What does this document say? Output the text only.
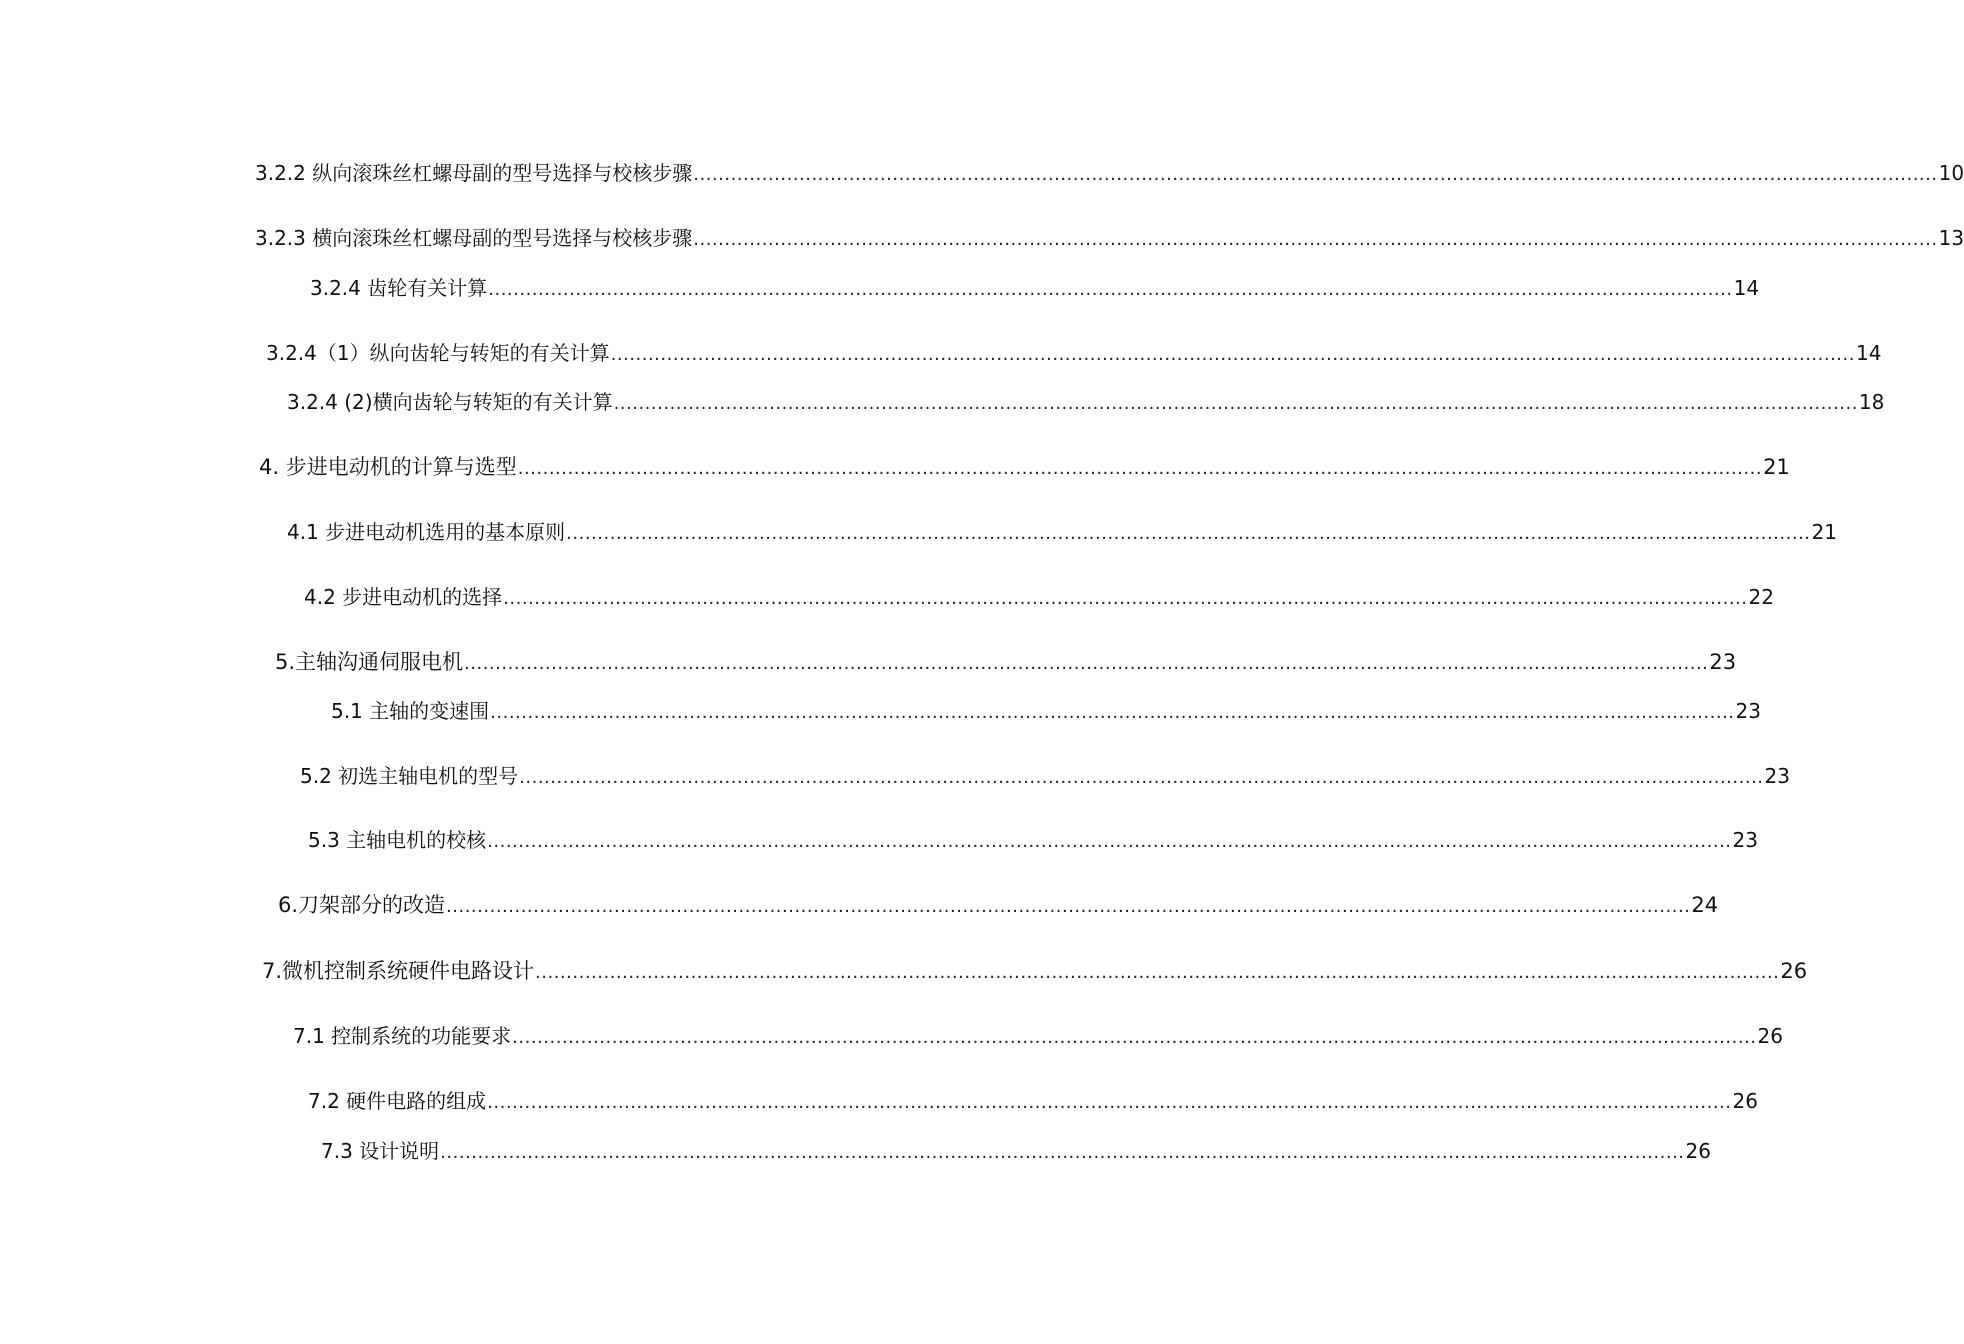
3.2.2 纵向滚珠丝杠螺母副的型号选择与校核步骤 ........................................................................................................................................................................................................ 10
3.2.3 横向滚珠丝杠螺母副的型号选择与校核步骤 ........................................................................................................................................................................................................ 13
3.2.4 齿轮有关计算 ........................................................................................................................................................................................................ 14
3.2.4（1）纵向齿轮与转矩的有关计算 ........................................................................................................................................................................................................ 14
3.2.4 (2)横向齿轮与转矩的有关计算 ........................................................................................................................................................................................................ 18
4. 步进电动机的计算与选型 ........................................................................................................................................................................................................ 21
4.1 步进电动机选用的基本原则 ........................................................................................................................................................................................................ 21
4.2 步进电动机的选择 ........................................................................................................................................................................................................ 22
5.主轴沟通伺服电机 ........................................................................................................................................................................................................ 23
5.1 主轴的变速围 ........................................................................................................................................................................................................ 23
5.2 初选主轴电机的型号 ........................................................................................................................................................................................................ 23
5.3 主轴电机的校核 ........................................................................................................................................................................................................ 23
6.刀架部分的改造 ........................................................................................................................................................................................................ 24
7.微机控制系统硬件电路设计 ........................................................................................................................................................................................................ 26
7.1 控制系统的功能要求 ........................................................................................................................................................................................................ 26
7.2 硬件电路的组成 ........................................................................................................................................................................................................ 26
7.3 设计说明 ........................................................................................................................................................................................................ 26
